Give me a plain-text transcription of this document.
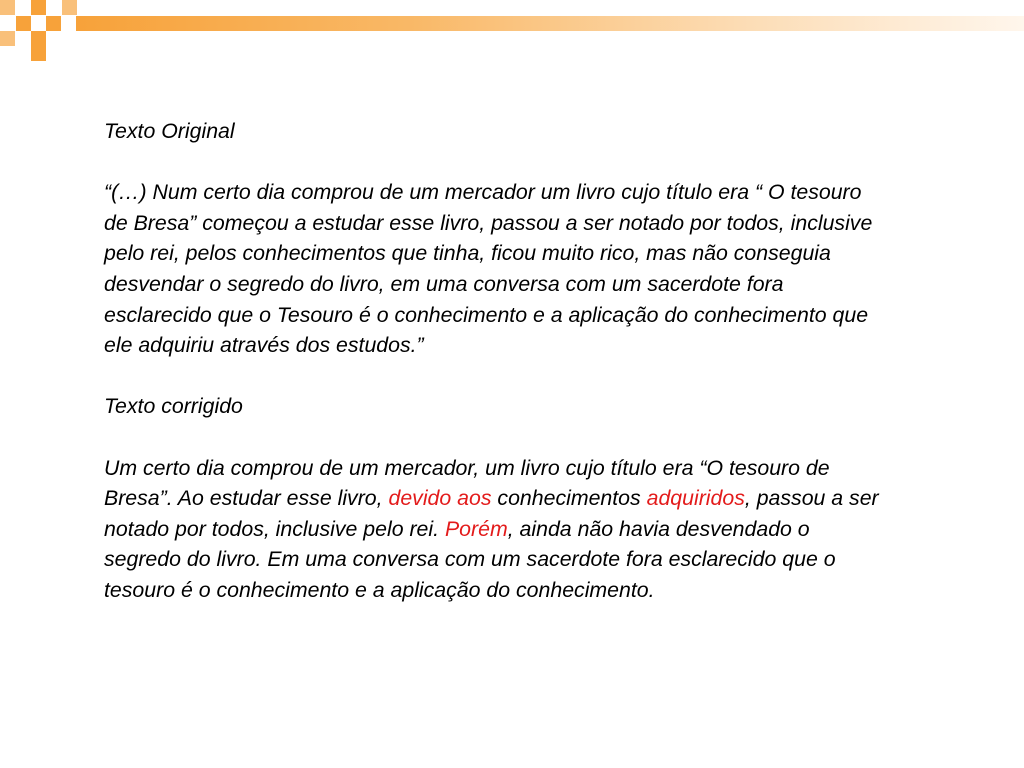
Texto Original

“(…) Num certo dia comprou de um mercador um livro cujo título era “ O tesouro de Bresa” começou a estudar esse livro, passou a ser notado por todos, inclusive pelo rei, pelos conhecimentos que tinha, ficou muito rico, mas não conseguia desvendar o segredo do livro, em uma conversa com um sacerdote fora esclarecido que o Tesouro é o conhecimento e a aplicação do conhecimento que ele adquiriu através dos estudos.”

Texto corrigido

Um certo dia comprou de um mercador, um livro cujo título era “O tesouro de Bresa”. Ao estudar esse livro, devido aos conhecimentos adquiridos, passou a ser notado por todos, inclusive pelo rei. Porém, ainda não havia desvendado o segredo do livro. Em uma conversa com um sacerdote fora esclarecido que o tesouro é o conhecimento e a aplicação do conhecimento.
